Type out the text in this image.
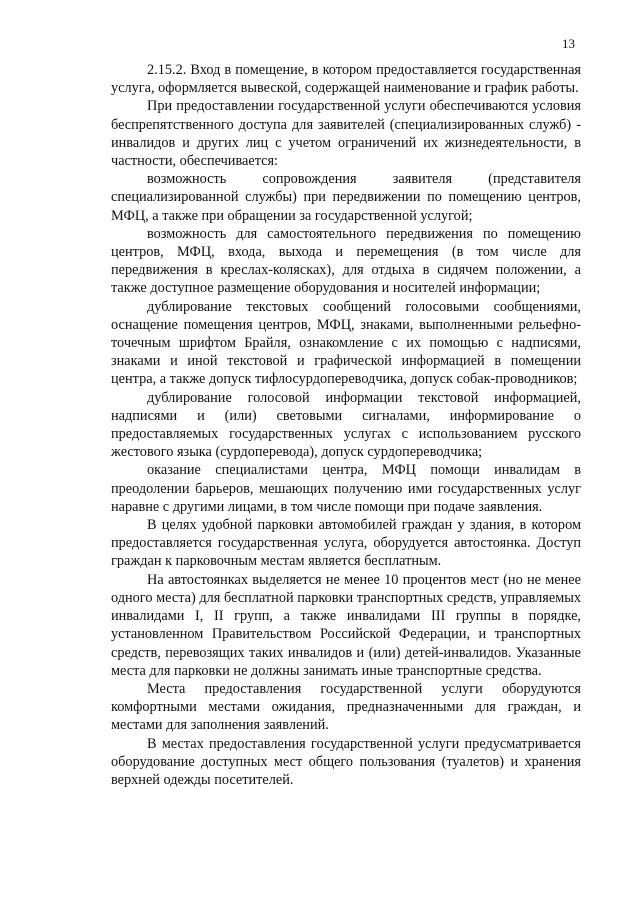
13

2.15.2. Вход в помещение, в котором предоставляется государственная услуга, оформляется вывеской, содержащей наименование и график работы.

При предоставлении государственной услуги обеспечиваются условия беспрепятственного доступа для заявителей (специализированных служб) - инвалидов и других лиц с учетом ограничений их жизнедеятельности, в частности, обеспечивается:

возможность сопровождения заявителя (представителя специализированной службы) при передвижении по помещению центров, МФЦ, а также при обращении за государственной услугой;

возможность для самостоятельного передвижения по помещению центров, МФЦ, входа, выхода и перемещения (в том числе для передвижения в креслах-колясках), для отдыха в сидячем положении, а также доступное размещение оборудования и носителей информации;

дублирование текстовых сообщений голосовыми сообщениями, оснащение помещения центров, МФЦ, знаками, выполненными рельефно-точечным шрифтом Брайля, ознакомление с их помощью с надписями, знаками и иной текстовой и графической информацией в помещении центра, а также допуск тифлосурдопереводчика, допуск собак-проводников;

дублирование голосовой информации текстовой информацией, надписями и (или) световыми сигналами, информирование о предоставляемых государственных услугах с использованием русского жестового языка (сурдоперевода), допуск сурдопереводчика;

оказание специалистами центра, МФЦ помощи инвалидам в преодолении барьеров, мешающих получению ими государственных услуг наравне с другими лицами, в том числе помощи при подаче заявления.

В целях удобной парковки автомобилей граждан у здания, в котором предоставляется государственная услуга, оборудуется автостоянка. Доступ граждан к парковочным местам является бесплатным.

На автостоянках выделяется не менее 10 процентов мест (но не менее одного места) для бесплатной парковки транспортных средств, управляемых инвалидами I, II групп, а также инвалидами III группы в порядке, установленном Правительством Российской Федерации, и транспортных средств, перевозящих таких инвалидов и (или) детей-инвалидов. Указанные места для парковки не должны занимать иные транспортные средства.

Места предоставления государственной услуги оборудуются комфортными местами ожидания, предназначенными для граждан, и местами для заполнения заявлений.

В местах предоставления государственной услуги предусматривается оборудование доступных мест общего пользования (туалетов) и хранения верхней одежды посетителей.
